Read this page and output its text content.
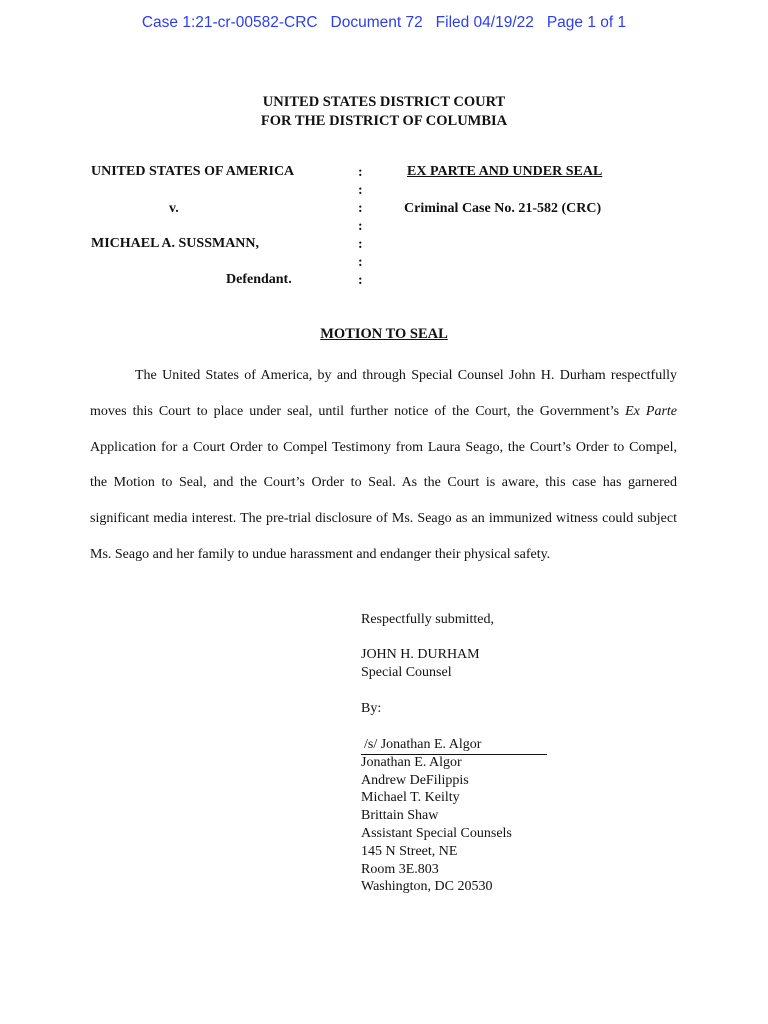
Case 1:21-cr-00582-CRC Document 72 Filed 04/19/22 Page 1 of 1
UNITED STATES DISTRICT COURT
FOR THE DISTRICT OF COLUMBIA
UNITED STATES OF AMERICA
v.
MICHAEL A. SUSSMANN,
Defendant.
:
:
:
:
:
:
:
EX PARTE AND UNDER SEAL
Criminal Case No. 21-582 (CRC)
MOTION TO SEAL
The United States of America, by and through Special Counsel John H. Durham respectfully moves this Court to place under seal, until further notice of the Court, the Government’s Ex Parte Application for a Court Order to Compel Testimony from Laura Seago, the Court’s Order to Compel, the Motion to Seal, and the Court’s Order to Seal. As the Court is aware, this case has garnered significant media interest. The pre-trial disclosure of Ms. Seago as an immunized witness could subject Ms. Seago and her family to undue harassment and endanger their physical safety.
Respectfully submitted,
JOHN H. DURHAM
Special Counsel
By:
/s/ Jonathan E. Algor
Jonathan E. Algor
Andrew DeFilippis
Michael T. Keilty
Brittain Shaw
Assistant Special Counsels
145 N Street, NE
Room 3E.803
Washington, DC 20530
